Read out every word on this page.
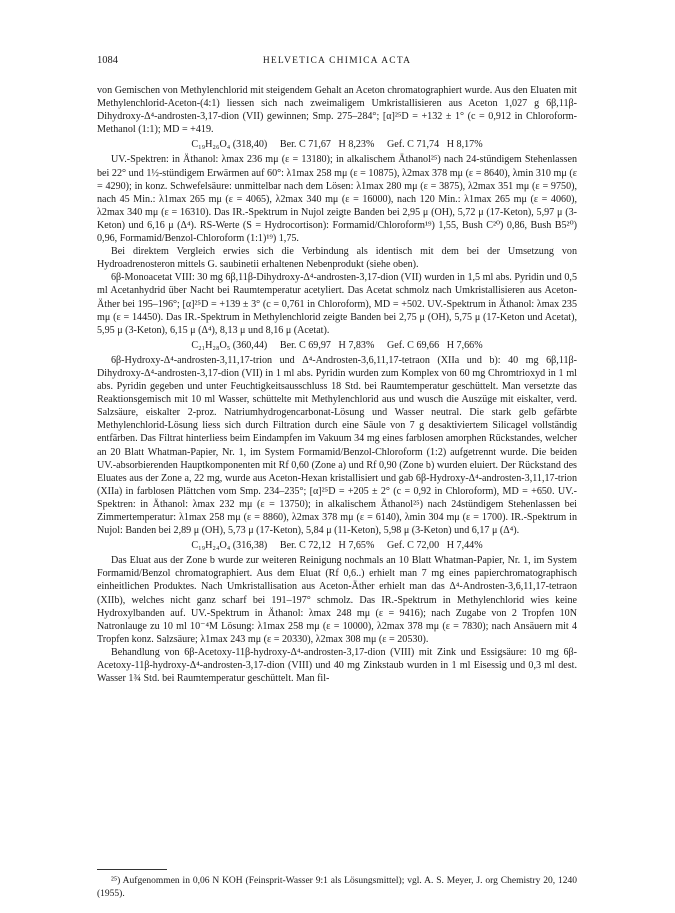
1084	HELVETICA CHIMICA ACTA

von Gemischen von Methylenchlorid mit steigendem Gehalt an Aceton chromatographiert wurde. Aus den Eluaten mit Methylenchlorid-Aceton-(4:1) liessen sich nach zweimaligem Umkristallisieren aus Aceton 1,027 g 6β,11β-Dihydroxy-Δ⁴-androsten-3,17-dion (VII) gewinnen; Smp. 275–284°; [α]²⁵D = +132 ± 1° (c = 0,912 in Chloroform-Methanol (1:1); MD = +419.

C₁₉H₂₆O₄ (318,40)     Ber. C 71,67   H 8,23%     Gef. C 71,74   H 8,17%

UV.-Spektren: in Äthanol: λmax 236 mμ (ε = 13180); in alkalischem Äthanol²⁵) nach 24-stündigem Stehenlassen bei 22° und 1½-stündigem Erwärmen auf 60°: λ1max 258 mμ (ε = 10875), λ2max 378 mμ (ε = 8640), λmin 310 mμ (ε = 4290); in konz. Schwefelsäure: unmittelbar nach dem Lösen: λ1max 280 mμ (ε = 3875), λ2max 351 mμ (ε = 9750), nach 45 Min.: λ1max 265 mμ (ε = 4065), λ2max 340 mμ (ε = 16000), nach 120 Min.: λ1max 265 mμ (ε = 4060), λ2max 340 mμ (ε = 16310). Das IR.-Spektrum in Nujol zeigte Banden bei 2,95 μ (OH), 5,72 μ (17-Keton), 5,97 μ (3-Keton) und 6,16 μ (Δ⁴). RS-Werte (S = Hydrocortison): Formamid/Chloroform¹⁹) 1,55, Bush C²⁰) 0,86, Bush B5²⁰) 0,96, Formamid/Benzol-Chloroform (1:1)¹⁹) 1,75.

Bei direktem Vergleich erwies sich die Verbindung als identisch mit dem bei der Umsetzung von Hydroadrenosteron mittels G. saubinetii erhaltenen Nebenprodukt (siehe oben).

6β-Monoacetat VIII: 30 mg 6β,11β-Dihydroxy-Δ⁴-androsten-3,17-dion (VII) wurden in 1,5 ml abs. Pyridin und 0,5 ml Acetanhydrid über Nacht bei Raumtemperatur acetyliert. Das Acetat schmolz nach Umkristallisieren aus Aceton-Äther bei 195–196°; [α]²⁵D = +139 ± 3° (c = 0,761 in Chloroform), MD = +502. UV.-Spektrum in Äthanol: λmax 235 mμ (ε = 14450). Das IR.-Spektrum in Methylenchlorid zeigte Banden bei 2,75 μ (OH), 5,75 μ (17-Keton und Acetat), 5,95 μ (3-Keton), 6,15 μ (Δ⁴), 8,13 μ und 8,16 μ (Acetat).

C₂₁H₂₈O₅ (360,44)     Ber. C 69,97   H 7,83%     Gef. C 69,66   H 7,66%

6β-Hydroxy-Δ⁴-androsten-3,11,17-trion und Δ⁴-Androsten-3,6,11,17-tetraon (XIIa und b): 40 mg 6β,11β-Dihydroxy-Δ⁴-androsten-3,17-dion (VII) in 1 ml abs. Pyridin wurden zum Komplex von 60 mg Chromtrioxyd in 1 ml abs. Pyridin gegeben und unter Feuchtigkeitsausschluss 18 Std. bei Raumtemperatur geschüttelt. Man versetzte das Reaktionsgemisch mit 10 ml Wasser, schüttelte mit Methylenchlorid aus und wusch die Auszüge mit eiskalter, verd. Salzsäure, eiskalter 2-proz. Natriumhydrogencarbonat-Lösung und Wasser neutral. Die stark gelb gefärbte Methylenchlorid-Lösung liess sich durch Filtration durch eine Säule von 7 g desaktiviertem Silicagel vollständig entfärben. Das Filtrat hinterliess beim Eindampfen im Vakuum 34 mg eines farblosen amorphen Rückstandes, welcher an 20 Blatt Whatman-Papier, Nr. 1, im System Formamid/Benzol-Chloroform (1:2) aufgetrennt wurde. Die beiden UV.-absorbierenden Hauptkomponenten mit Rf 0,60 (Zone a) und Rf 0,90 (Zone b) wurden eluiert. Der Rückstand des Eluates aus der Zone a, 22 mg, wurde aus Aceton-Hexan kristallisiert und gab 6β-Hydroxy-Δ⁴-androsten-3,11,17-trion (XIIa) in farblosen Plättchen vom Smp. 234–235°; [α]²⁵D = +205 ± 2° (c = 0,92 in Chloroform), MD = +650. UV.-Spektren: in Äthanol: λmax 232 mμ (ε = 13750); in alkalischem Äthanol²⁵) nach 24stündigem Stehenlassen bei Zimmertemperatur: λ1max 258 mμ (ε = 8860), λ2max 378 mμ (ε = 6140), λmin 304 mμ (ε = 1700). IR.-Spektrum in Nujol: Banden bei 2,89 μ (OH), 5,73 μ (17-Keton), 5,84 μ (11-Keton), 5,98 μ (3-Keton) und 6,17 μ (Δ⁴).

C₁₉H₂₄O₄ (316,38)     Ber. C 72,12   H 7,65%     Gef. C 72,00   H 7,44%

Das Eluat aus der Zone b wurde zur weiteren Reinigung nochmals an 10 Blatt Whatman-Papier, Nr. 1, im System Formamid/Benzol chromatographiert. Aus dem Eluat (Rf 0,6..) erhielt man 7 mg eines papierchromatographisch einheitlichen Produktes. Nach Umkristallisation aus Aceton-Äther erhielt man das Δ⁴-Androsten-3,6,11,17-tetraon (XIIb), welches nicht ganz scharf bei 191–197° schmolz. Das IR.-Spektrum in Methylenchlorid wies keine Hydroxylbanden auf. UV.-Spektrum in Äthanol: λmax 248 mμ (ε = 9416); nach Zugabe von 2 Tropfen 10N Natronlauge zu 10 ml 10⁻⁴M Lösung: λ1max 258 mμ (ε = 10000), λ2max 378 mμ (ε = 7830); nach Ansäuern mit 4 Tropfen konz. Salzsäure; λ1max 243 mμ (ε = 20330), λ2max 308 mμ (ε = 20530).

Behandlung von 6β-Acetoxy-11β-hydroxy-Δ⁴-androsten-3,17-dion (VIII) mit Zink und Essigsäure: 10 mg 6β-Acetoxy-11β-hydroxy-Δ⁴-androsten-3,17-dion (VIII) und 40 mg Zinkstaub wurden in 1 ml Eisessig und 0,3 ml dest. Wasser 1¾ Std. bei Raumtemperatur geschüttelt. Man fil-

²⁵) Aufgenommen in 0,06 N KOH (Feinsprit-Wasser 9:1 als Lösungsmittel); vgl. A. S. Meyer, J. org Chemistry 20, 1240 (1955).
